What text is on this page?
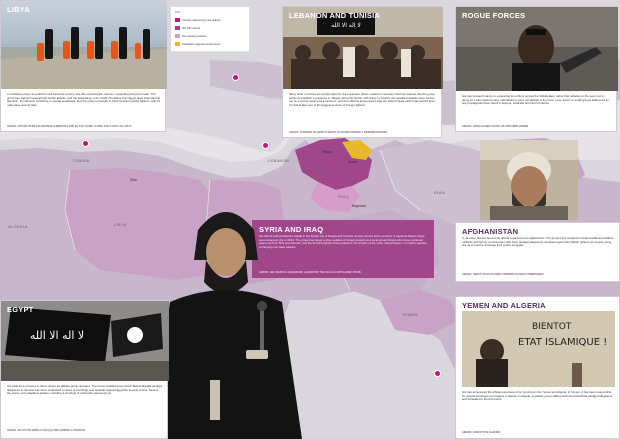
TUNISIA
ALGERIA	LIBYA
SYRIA
IRAQ
YEMEN
IRAN
LEBANON
Raqqa
Mosul
Baghdad
Sirte
KEY
Country affected by Isis activity
Isis-full control
Isis-causing attacks
Kurdistan regional government
LIBYA
In a lawless Libya, an anarchic and fractured country, Isis has exploited the vacuum, expanding along the coast. The group has claimed several high-profile attacks, and the beheading of 21 Coptic Christians from Egypt drew international attention. Its influence continues to spread southward, and the group is thought to hold several hundred fighters, with its main base around Sirte.
ABOVE: ISIS MILITANTS IN ORANGE JUMPSUITS AND BLACK GARB, ALONG THE COAST OF LIBYA
LEBANON AND TUNISIA
لا اله الا الله
Many other countries are at high alert for Isis expansion plans. Lebanon's security chief has warned that the group wants to establish a presence in villages along the border with Syria. In Tunisia, the deadliest attacks were carried out on a tourist resort and a museum, and the militants announced it was the Islamic State which was behind them. Tunisia is also one of the biggest sources of foreign fighters.
ABOVE: TUNISIAN ISLAMISTS SHOUT SLOGANS DURING A DEMONSTRATION
ROGUE FORCES
Isis has focused mainly on expanding its territory across the Middle East, rather than attacks on the west, but in doing so it has inspired many individuals to carry out attacks in its name. Lone actors or small groups influenced by Isis propaganda have struck in Europe, Australia and North America.
ABOVE: RADICALISED YOUTH OF WESTERN ORIGIN
SYRIA AND IRAQ
Isis has its self-proclaimed capital in the Syrian city of Raqqa and controls territory across both countries. It captured Mosul, Iraq's second-largest city, in 2014. The group has faced a wide coalition of foreign powers and local ground forces who have reclaimed towns such as Tikrit and Ramadi, and the Kurdish fighters have pushed it out of parts of the north. Nevertheless, it remains capable of carrying out major attacks.
ABOVE: ABU BAKR AL-BAGHDADI, LEADER OF THE SO-CALLED ISLAMIC STATE
لا اله الا الله
EGYPT
Isis claimed a province in Sinai, where an affiliate group operates. The former jihadist group Ansar Beit al-Maqdis pledged allegiance to Isis and has since conducted a series of bombings and assaults against Egyptian security forces. Sinai is the scene of its deadliest attacks, including a bombing of a Russian passenger jet.
ABOVE: BLACK ISLAMIST FLAGS FLYING DURING A PROTEST
AFGHANISTAN
In January, Isis announced its official expansion into Afghanistan. The group's first suspects include disaffected Taliban militants and former commanders who have pledged allegiance. Analysts argue that Taliban fighters are simply using Isis as a brand to leverage their power struggles.
ABOVE: ABDUL RAUF KHADIM, FORMER TALIBAN COMMANDER
YEMEN AND ALGERIA
BIENTOT
ETAT ISLAMIQUE !
Isis has announced the official expansion of its 'provinces' into Yemen and Algeria. In Yemen, it has been responsible for suicide bombings of mosques in Sanaa. In Algeria, a splinter group calling itself Jund al-Khilafa pledged allegiance and beheaded a French tourist.
ABOVE: GRAFFITI IN ALGERIA
